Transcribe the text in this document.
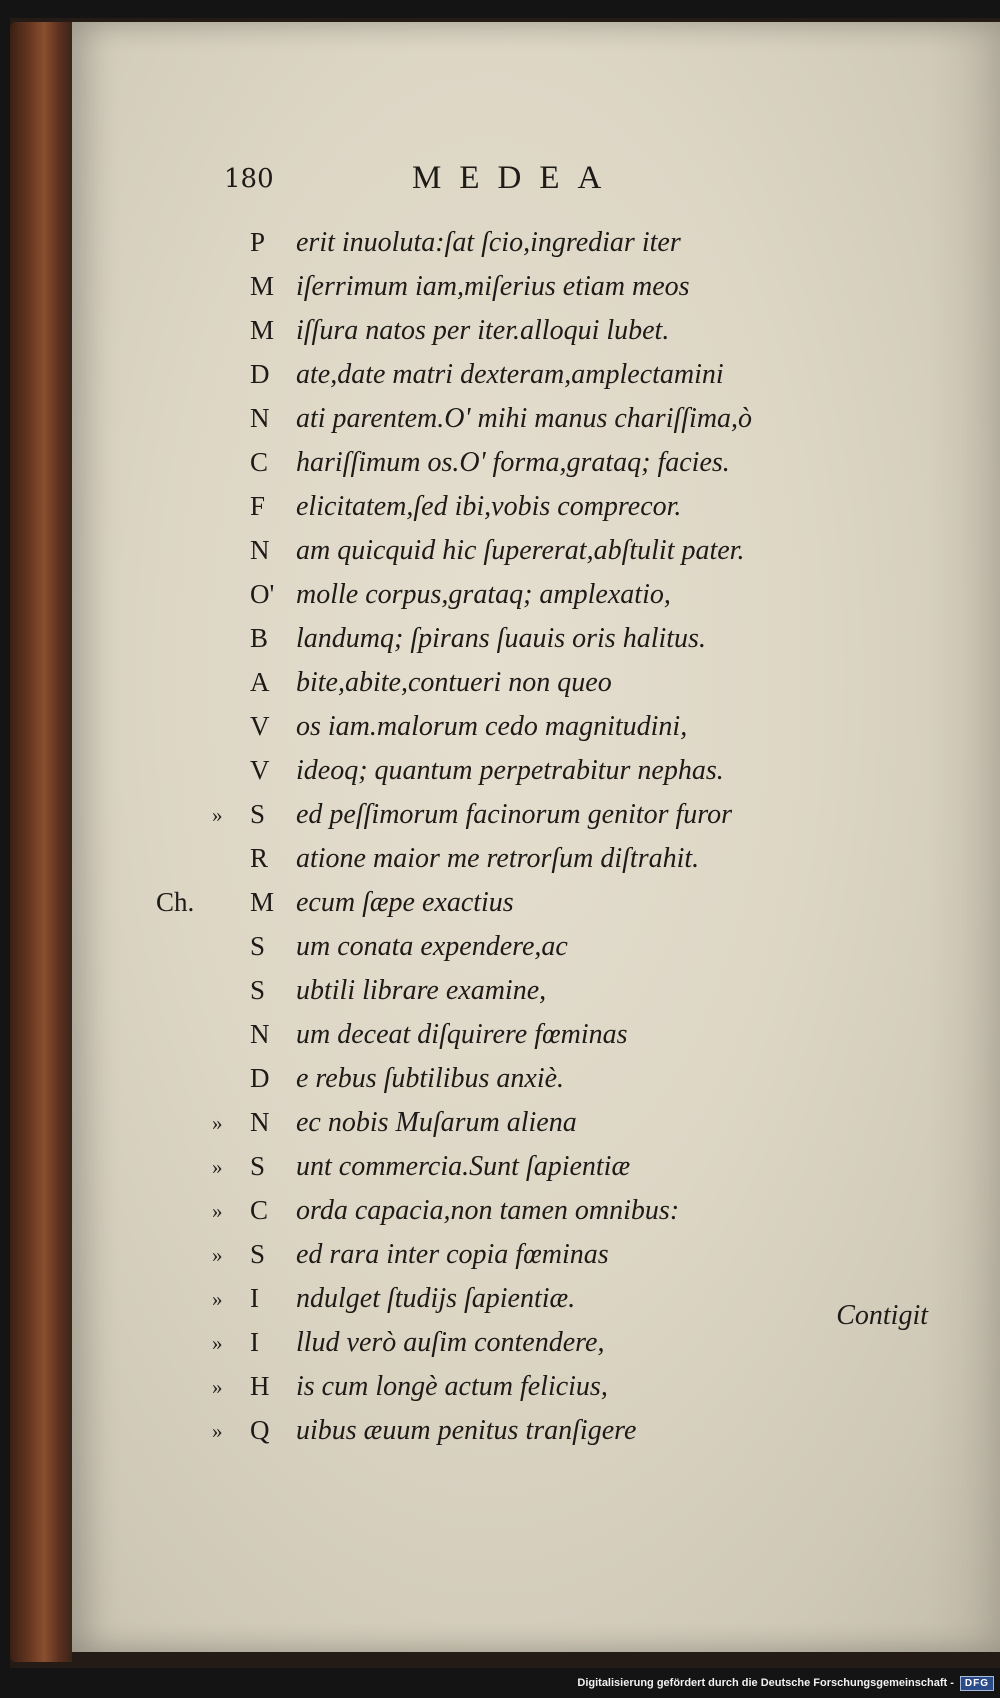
180	MEDEA
P erit inuoluta:ſat ſcio,ingrediar iter
M iſerrimum iam,miſerius etiam meos
M iſſura natos per iter.alloqui lubet.
D ate,date matri dexteram,amplectamini
N ati parentem.O' mihi manus chariſſima,ò
C hariſſimum os.O' forma,grataq; facies.
F elicitatem,ſed ibi,vobis comprecor.
N am quicquid hic ſupererat,abſtulit pater.
O' molle corpus,grataq; amplexatio,
B landumq; ſpirans ſuauis oris halitus.
A bite,abite,contueri non queo
V os iam.malorum cedo magnitudini,
V ideoq; quantum perpetrabitur nephas.
» S ed peſſimorum facinorum genitor furor
R atione maior me retrorſum diſtrahit.
Ch. M ecum ſæpe exactius
S um conata expendere,ac
S ubtili librare examine,
N um deceat diſquirere fœminas
D e rebus ſubtilibus anxiè.
» N ec nobis Muſarum aliena
» S unt commercia.Sunt ſapientiæ
» C orda capacia,non tamen omnibus:
» S ed rara inter copia fœminas
» I ndulget ſtudijs ſapientiæ.
» I llud verò auſim contendere,
» H is cum longè actum felicius,
» Q uibus æuum penitus tranſigere
Contigit
Digitalisierung gefördert durch die Deutsche Forschungsgemeinschaft -	DFG
